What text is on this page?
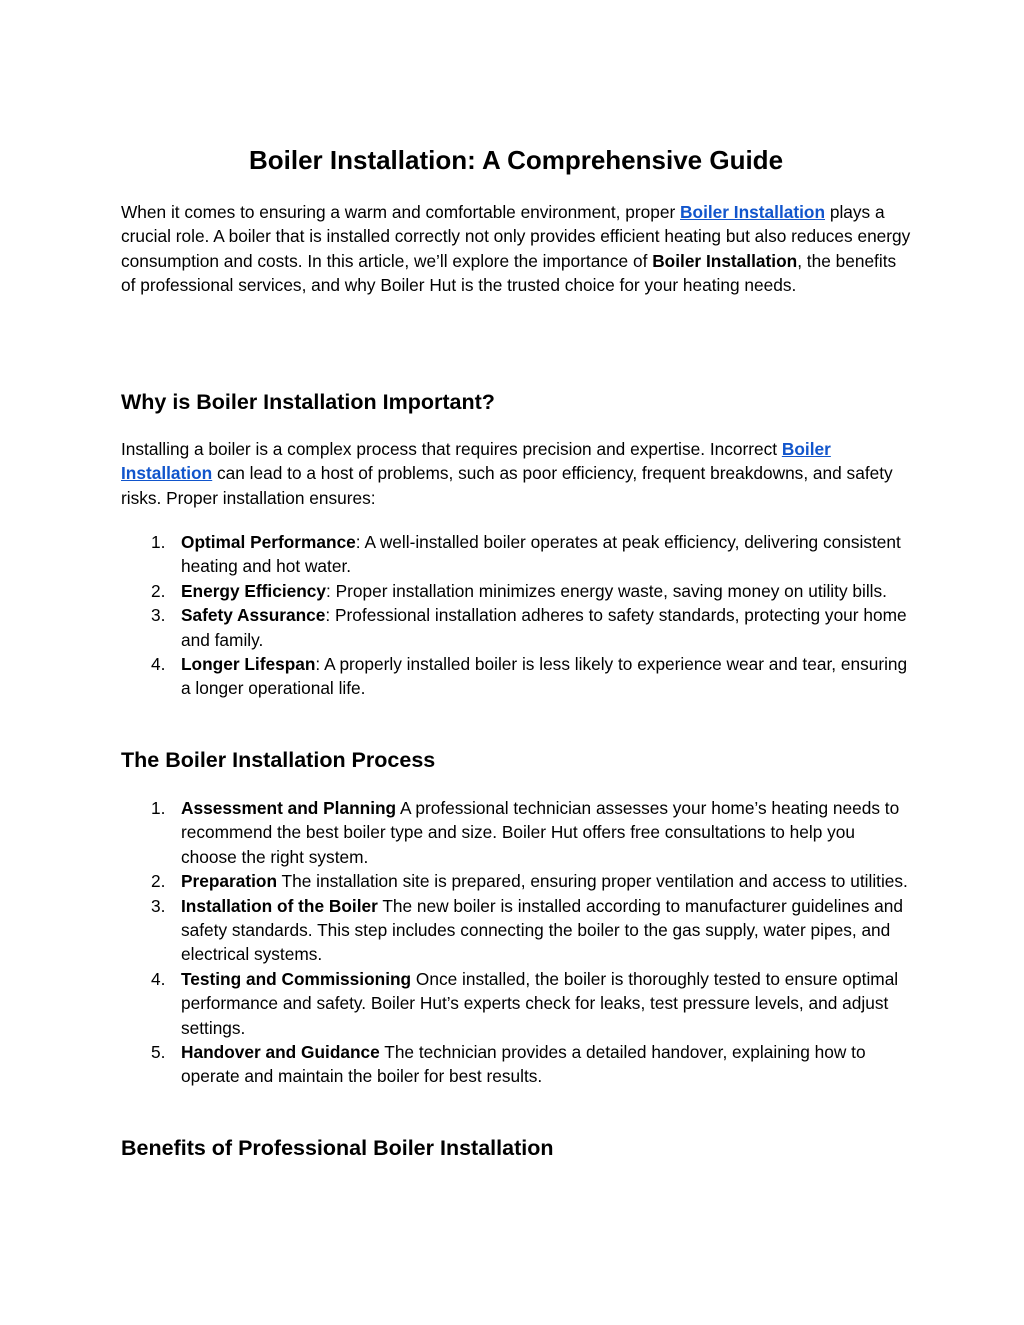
Boiler Installation: A Comprehensive Guide

When it comes to ensuring a warm and comfortable environment, proper Boiler Installation plays a crucial role. A boiler that is installed correctly not only provides efficient heating but also reduces energy consumption and costs. In this article, we’ll explore the importance of Boiler Installation, the benefits of professional services, and why Boiler Hut is the trusted choice for your heating needs.

Why is Boiler Installation Important?

Installing a boiler is a complex process that requires precision and expertise. Incorrect Boiler Installation can lead to a host of problems, such as poor efficiency, frequent breakdowns, and safety risks. Proper installation ensures:

1. Optimal Performance: A well-installed boiler operates at peak efficiency, delivering consistent heating and hot water.
2. Energy Efficiency: Proper installation minimizes energy waste, saving money on utility bills.
3. Safety Assurance: Professional installation adheres to safety standards, protecting your home and family.
4. Longer Lifespan: A properly installed boiler is less likely to experience wear and tear, ensuring a longer operational life.
The Boiler Installation Process
1. Assessment and Planning A professional technician assesses your home’s heating needs to recommend the best boiler type and size. Boiler Hut offers free consultations to help you choose the right system.
2. Preparation The installation site is prepared, ensuring proper ventilation and access to utilities.
3. Installation of the Boiler The new boiler is installed according to manufacturer guidelines and safety standards. This step includes connecting the boiler to the gas supply, water pipes, and electrical systems.
4. Testing and Commissioning Once installed, the boiler is thoroughly tested to ensure optimal performance and safety. Boiler Hut’s experts check for leaks, test pressure levels, and adjust settings.
5. Handover and Guidance The technician provides a detailed handover, explaining how to operate and maintain the boiler for best results.
Benefits of Professional Boiler Installation
